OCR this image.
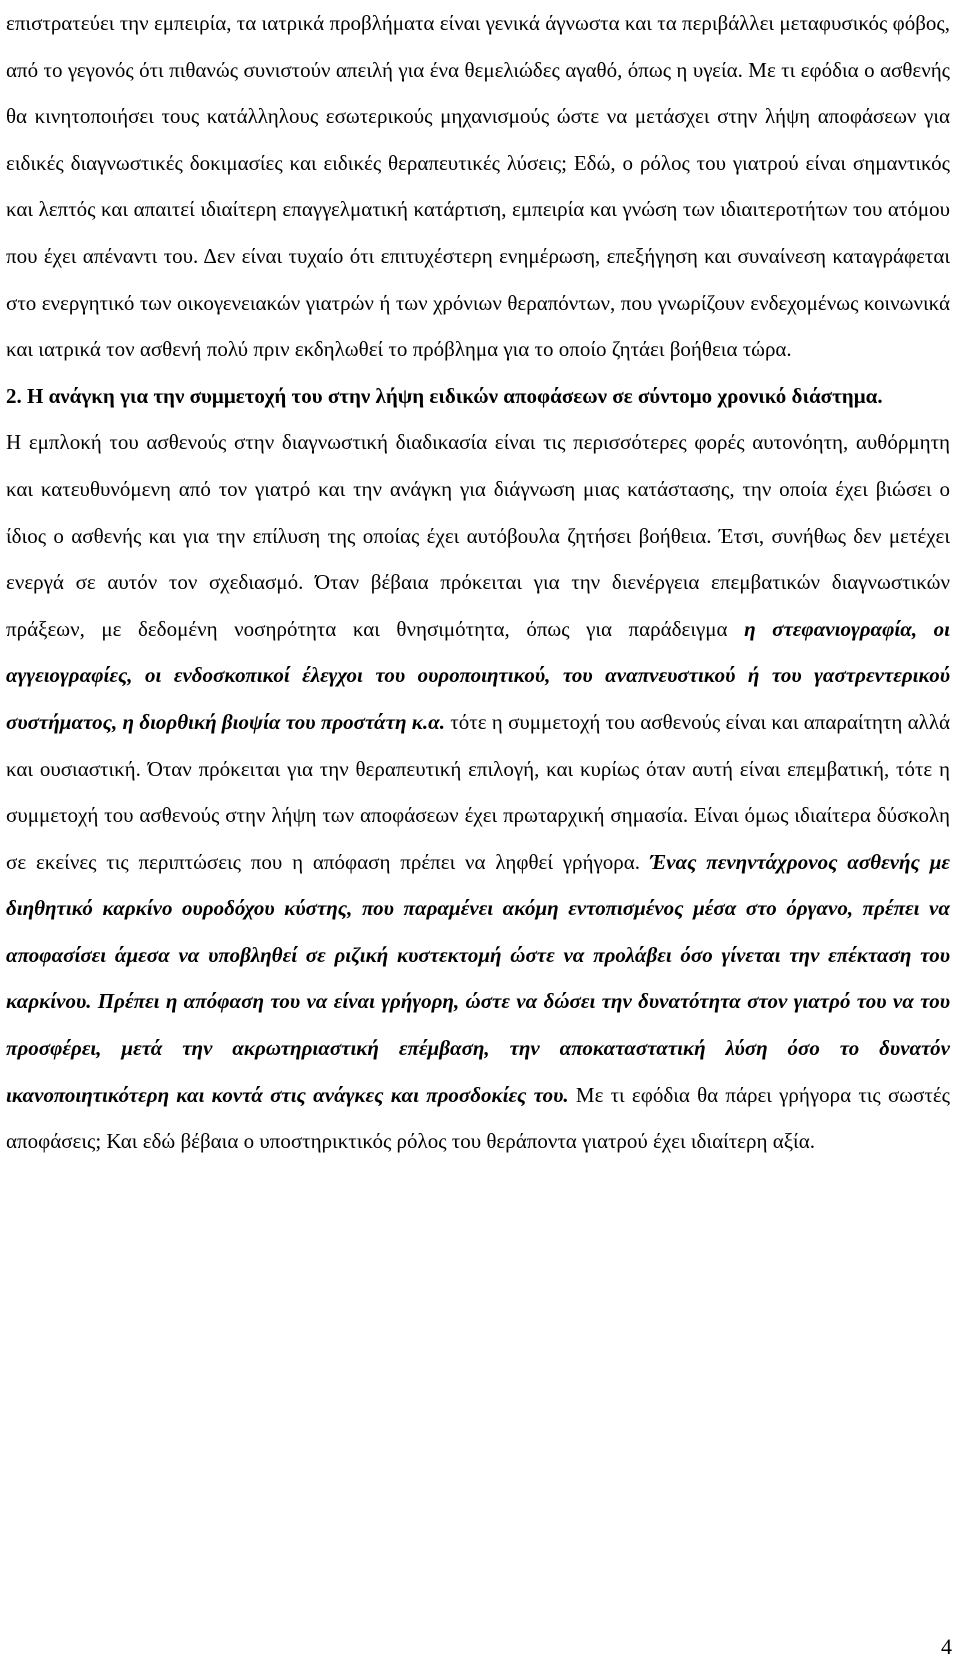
επιστρατεύει την εμπειρία, τα ιατρικά προβλήματα είναι γενικά άγνωστα και τα περιβάλλει μεταφυσικός φόβος, από το γεγονός ότι πιθανώς συνιστούν απειλή για ένα θεμελιώδες αγαθό, όπως η υγεία. Με τι εφόδια ο ασθενής θα κινητοποιήσει τους κατάλληλους εσωτερικούς μηχανισμούς ώστε να μετάσχει στην λήψη αποφάσεων για ειδικές διαγνωστικές δοκιμασίες και ειδικές θεραπευτικές λύσεις; Εδώ, ο ρόλος του γιατρού είναι σημαντικός και λεπτός και απαιτεί ιδιαίτερη επαγγελματική κατάρτιση, εμπειρία και γνώση των ιδιαιτεροτήτων του ατόμου που έχει απέναντι του. Δεν είναι τυχαίο ότι επιτυχέστερη ενημέρωση, επεξήγηση και συναίνεση καταγράφεται στο ενεργητικό των οικογενειακών γιατρών ή των χρόνιων θεραπόντων, που γνωρίζουν ενδεχομένως κοινωνικά και ιατρικά τον ασθενή πολύ πριν εκδηλωθεί το πρόβλημα για το οποίο ζητάει βοήθεια τώρα.

2. Η ανάγκη για την συμμετοχή του στην λήψη ειδικών αποφάσεων σε σύντομο χρονικό διάστημα.

Η εμπλοκή του ασθενούς στην διαγνωστική διαδικασία είναι τις περισσότερες φορές αυτονόητη, αυθόρμητη και κατευθυνόμενη από τον γιατρό και την ανάγκη για διάγνωση μιας κατάστασης, την οποία έχει βιώσει ο ίδιος ο ασθενής και για την επίλυση της οποίας έχει αυτόβουλα ζητήσει βοήθεια. Έτσι, συνήθως δεν μετέχει ενεργά σε αυτόν τον σχεδιασμό. Όταν βέβαια πρόκειται για την διενέργεια επεμβατικών διαγνωστικών πράξεων, με δεδομένη νοσηρότητα και θνησιμότητα, όπως για παράδειγμα η στεφανιογραφία, οι αγγειογραφίες, οι ενδοσκοπικοί έλεγχοι του ουροποιητικού, του αναπνευστικού ή του γαστρεντερικού συστήματος, η διορθική βιοψία του προστάτη κ.α. τότε η συμμετοχή του ασθενούς είναι και απαραίτητη αλλά και ουσιαστική. Όταν πρόκειται για την θεραπευτική επιλογή, και κυρίως όταν αυτή είναι επεμβατική, τότε η συμμετοχή του ασθενούς στην λήψη των αποφάσεων έχει πρωταρχική σημασία. Είναι όμως ιδιαίτερα δύσκολη σε εκείνες τις περιπτώσεις που η απόφαση πρέπει να ληφθεί γρήγορα. Ένας πενηντάχρονος ασθενής με διηθητικό καρκίνο ουροδόχου κύστης, που παραμένει ακόμη εντοπισμένος μέσα στο όργανο, πρέπει να αποφασίσει άμεσα να υποβληθεί σε ριζική κυστεκτομή ώστε να προλάβει όσο γίνεται την επέκταση του καρκίνου. Πρέπει η απόφαση του να είναι γρήγορη, ώστε να δώσει την δυνατότητα στον γιατρό του να του προσφέρει, μετά την ακρωτηριαστική επέμβαση, την αποκαταστατική λύση όσο το δυνατόν ικανοποιητικότερη και κοντά στις ανάγκες και προσδοκίες του. Με τι εφόδια θα πάρει γρήγορα τις σωστές αποφάσεις; Και εδώ βέβαια ο υποστηρικτικός ρόλος του θεράποντα γιατρού έχει ιδιαίτερη αξία.

4
